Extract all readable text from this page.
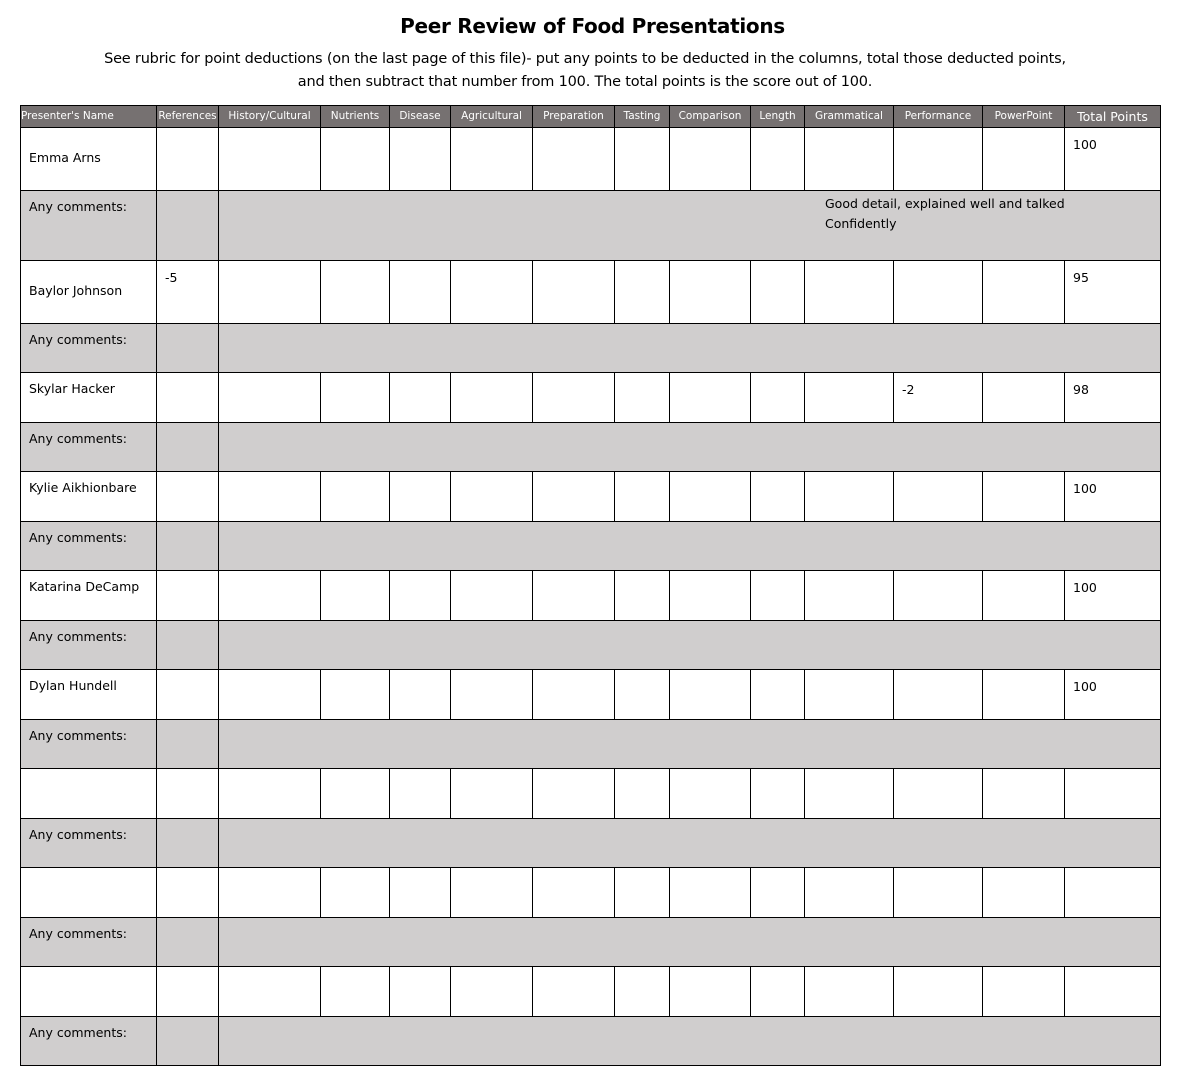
Peer Review of Food Presentations
See rubric for point deductions (on the last page of this file)- put any points to be deducted in the columns, total those deducted points, and then subtract that number from 100. The total points is the score out of 100.
Presenter's Name	References	History/Cultural	Nutrients	Disease	Agricultural	Preparation	Tasting	Comparison	Length	Grammatical	Performance	PowerPoint	Total Points
Emma Arns													100
Any comments:		Good detail, explained well and talked Confidently											

Baylor Johnson	-5												95
Any comments:													

Skylar Hacker											-2		98
Any comments:													

Kylie Aikhionbare													100
Any comments:													

Katarina DeCamp													100
Any comments:													

Dylan Hundell													100
Any comments:													

Any comments:													

Any comments:													

Any comments:													
